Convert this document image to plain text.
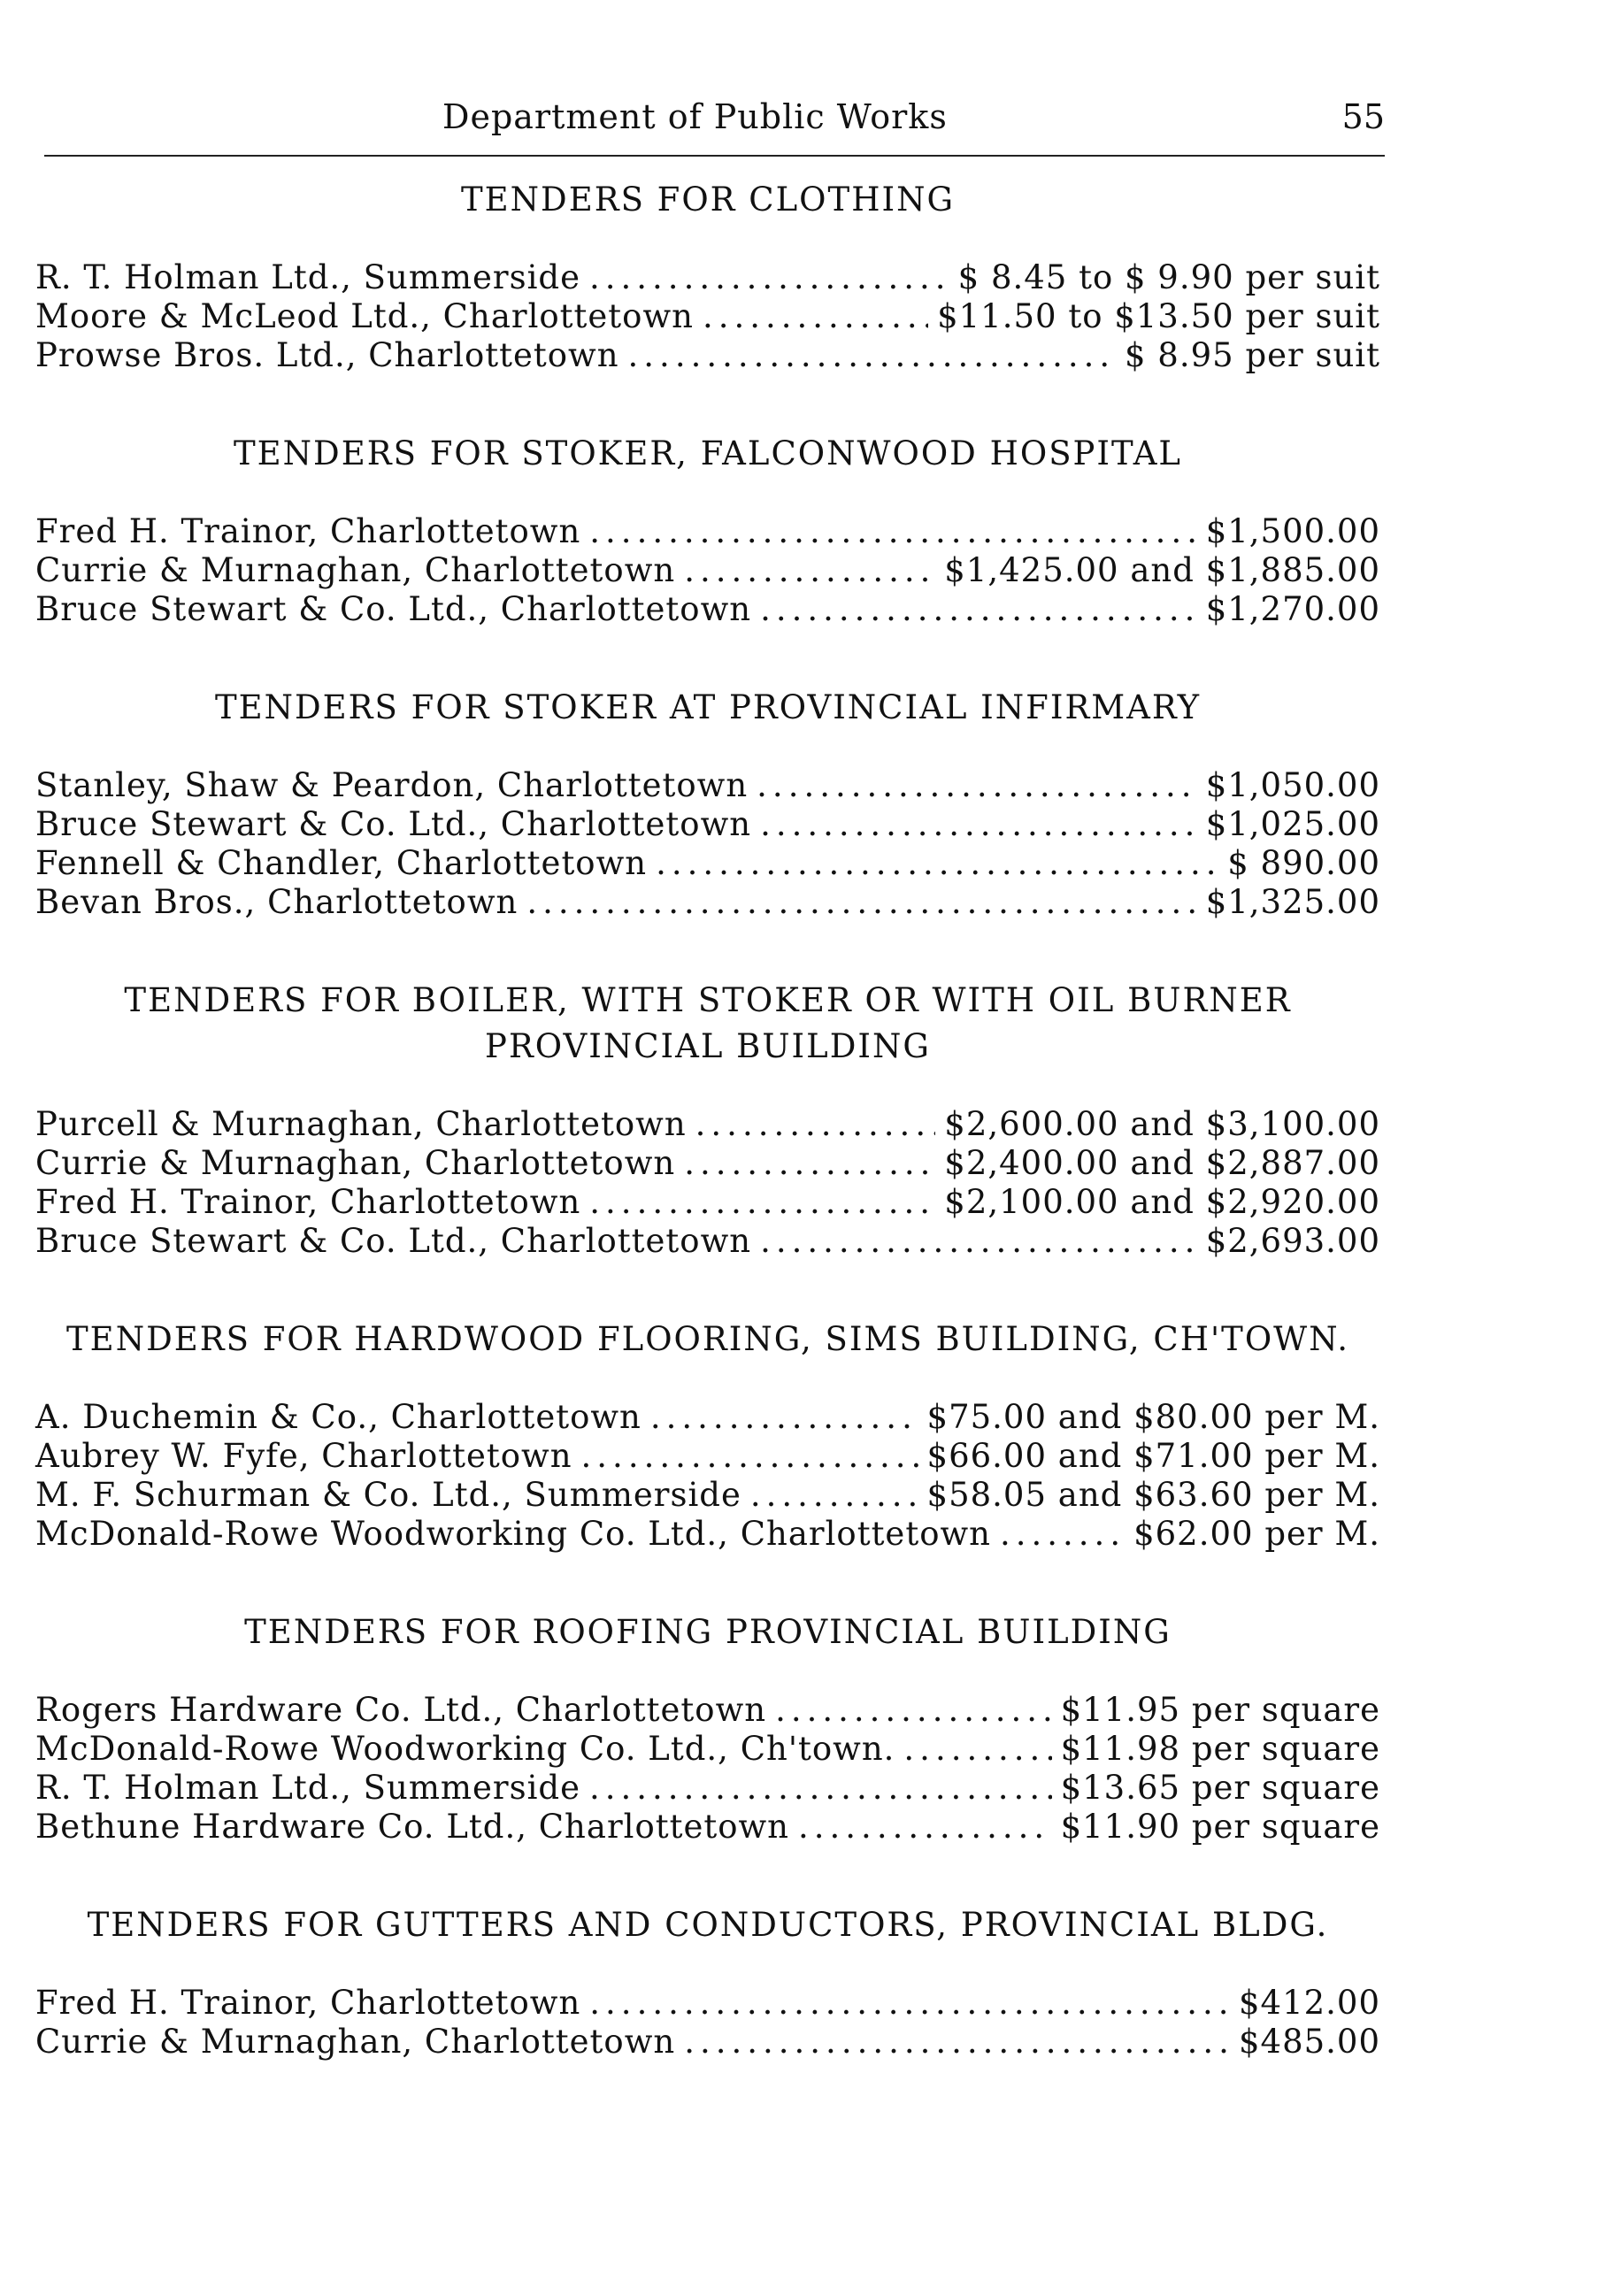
Department of Public Works	55
TENDERS FOR CLOTHING
R. T. Holman Ltd., Summerside .....	$ 8.45 to $ 9.90 per suit
Moore & McLeod Ltd., Charlottetown .....	$11.50 to $13.50 per suit
Prowse Bros. Ltd., Charlottetown .....	$ 8.95 per suit
TENDERS FOR STOKER, FALCONWOOD HOSPITAL
Fred H. Trainor, Charlottetown .....	$1,500.00
Currie & Murnaghan, Charlottetown .....	$1,425.00 and $1,885.00
Bruce Stewart & Co. Ltd., Charlottetown .....	$1,270.00
TENDERS FOR STOKER AT PROVINCIAL INFIRMARY
Stanley, Shaw & Peardon, Charlottetown .....	$1,050.00
Bruce Stewart & Co. Ltd., Charlottetown .....	$1,025.00
Fennell & Chandler, Charlottetown .....	$ 890.00
Bevan Bros., Charlottetown .....	$1,325.00
TENDERS FOR BOILER, WITH STOKER OR WITH OIL BURNER
PROVINCIAL BUILDING
Purcell & Murnaghan, Charlottetown .....	$2,600.00 and $3,100.00
Currie & Murnaghan, Charlottetown .....	$2,400.00 and $2,887.00
Fred H. Trainor, Charlottetown .....	$2,100.00 and $2,920.00
Bruce Stewart & Co. Ltd., Charlottetown .....	$2,693.00
TENDERS FOR HARDWOOD FLOORING, SIMS BUILDING, CH'TOWN.
A. Duchemin & Co., Charlottetown .....	$75.00 and $80.00 per M.
Aubrey W. Fyfe, Charlottetown .....	$66.00 and $71.00 per M.
M. F. Schurman & Co. Ltd., Summerside .....	$58.05 and $63.60 per M.
McDonald-Rowe Woodworking Co. Ltd., Charlottetown .....	$62.00 per M.
TENDERS FOR ROOFING PROVINCIAL BUILDING
Rogers Hardware Co. Ltd., Charlottetown .....	$11.95 per square
McDonald-Rowe Woodworking Co. Ltd., Ch'town. .....	$11.98 per square
R. T. Holman Ltd., Summerside .....	$13.65 per square
Bethune Hardware Co. Ltd., Charlottetown .....	$11.90 per square
TENDERS FOR GUTTERS AND CONDUCTORS, PROVINCIAL BLDG.
Fred H. Trainor, Charlottetown .....	$412.00
Currie & Murnaghan, Charlottetown .....	$485.00
